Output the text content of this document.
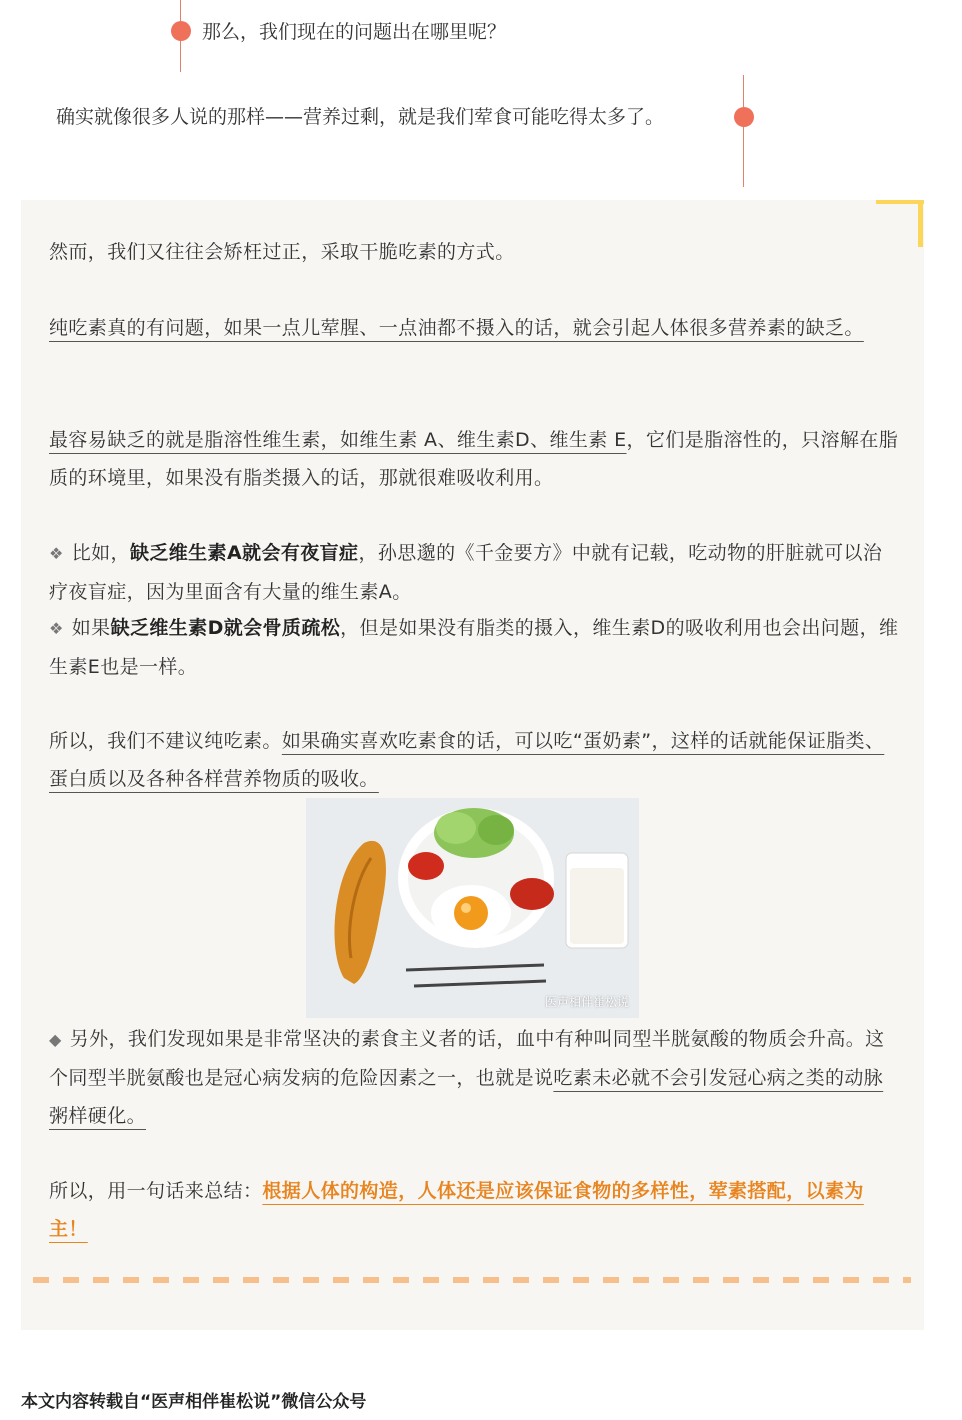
那么，我们现在的问题出在哪里呢？
确实就像很多人说的那样——营养过剩，就是我们荤食可能吃得太多了。
然而，我们又往往会矫枉过正，采取干脆吃素的方式。
纯吃素真的有问题，如果一点儿荤腥、一点油都不摄入的话，就会引起人体很多营养素的缺乏。
最容易缺乏的就是脂溶性维生素，如维生素 A、维生素D、维生素 E，它们是脂溶性的，只溶解在脂质的环境里，如果没有脂类摄入的话，那就很难吸收利用。
❖ 比如，缺乏维生素A就会有夜盲症，孙思邈的《千金要方》中就有记载，吃动物的肝脏就可以治疗夜盲症，因为里面含有大量的维生素A。
❖ 如果缺乏维生素D就会骨质疏松，但是如果没有脂类的摄入，维生素D的吸收利用也会出问题，维生素E也是一样。
所以，我们不建议纯吃素。如果确实喜欢吃素食的话，可以吃“蛋奶素”，这样的话就能保证脂类、蛋白质以及各种各样营养物质的吸收。
医声相伴崔松说
◆ 另外，我们发现如果是非常坚决的素食主义者的话，血中有种叫同型半胱氨酸的物质会升高。这个同型半胱氨酸也是冠心病发病的危险因素之一，也就是说吃素未必就不会引发冠心病之类的动脉粥样硬化。
所以，用一句话来总结：根据人体的构造，人体还是应该保证食物的多样性，荤素搭配，以素为主！
本文内容转载自“医声相伴崔松说”微信公众号
